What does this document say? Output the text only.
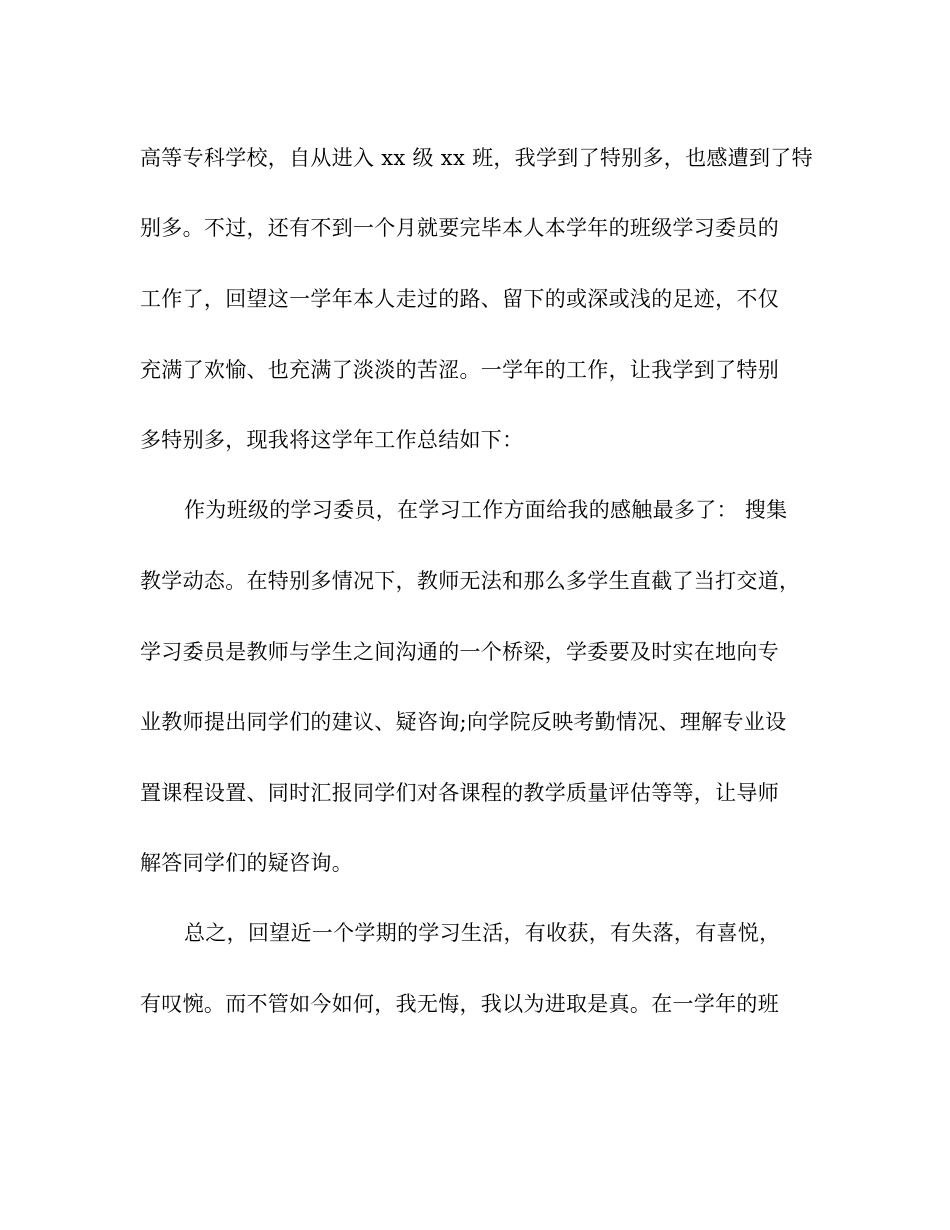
高等专科学校，自从进入 xx 级 xx 班，我学到了特别多，也感遭到了特
别多。不过，还有不到一个月就要完毕本人本学年的班级学习委员的
工作了，回望这一学年本人走过的路、留下的或深或浅的足迹，不仅
充满了欢愉、也充满了淡淡的苦涩。一学年的工作，让我学到了特别
多特别多，现我将这学年工作总结如下：
作为班级的学习委员，在学习工作方面给我的感触最多了： 搜集
教学动态。在特别多情况下，教师无法和那么多学生直截了当打交道，
学习委员是教师与学生之间沟通的一个桥梁，学委要及时实在地向专
业教师提出同学们的建议、疑咨询;向学院反映考勤情况、理解专业设
置课程设置、同时汇报同学们对各课程的教学质量评估等等，让导师
解答同学们的疑咨询。
总之，回望近一个学期的学习生活，有收获，有失落，有喜悦，
有叹惋。而不管如今如何，我无悔，我以为进取是真。在一学年的班
